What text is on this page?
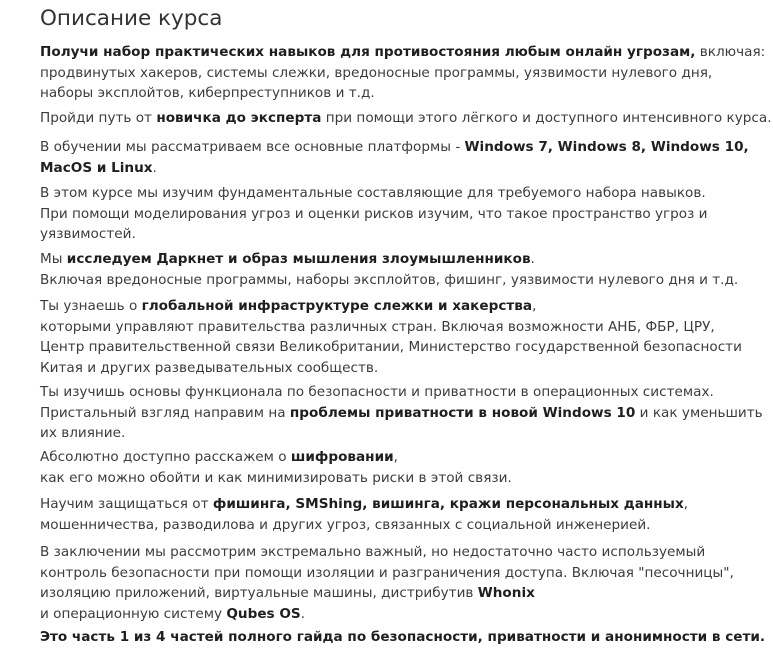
Описание курса
Получи набор практических навыков для противостояния любым онлайн угрозам, включая:
продвинутых хакеров, системы слежки, вредоносные программы, уязвимости нулевого дня,
наборы эксплойтов, киберпреступников и т.д.
Пройди путь от новичка до эксперта при помощи этого лёгкого и доступного интенсивного курса.
В обучении мы рассматриваем все основные платформы - Windows 7, Windows 8, Windows 10,
MacOS и Linux.
В этом курсе мы изучим фундаментальные составляющие для требуемого набора навыков.
При помощи моделирования угроз и оценки рисков изучим, что такое пространство угроз и
уязвимостей.
Мы исследуем Даркнет и образ мышления злоумышленников.
Включая вредоносные программы, наборы эксплойтов, фишинг, уязвимости нулевого дня и т.д.
Ты узнаешь о глобальной инфраструктуре слежки и хакерства,
которыми управляют правительства различных стран. Включая возможности АНБ, ФБР, ЦРУ,
Центр правительственной связи Великобритании, Министерство государственной безопасности
Китая и других разведывательных сообществ.
Ты изучишь основы функционала по безопасности и приватности в операционных системах.
Пристальный взгляд направим на проблемы приватности в новой Windows 10 и как уменьшить
их влияние.
Абсолютно доступно расскажем о шифровании,
как его можно обойти и как минимизировать риски в этой связи.
Научим защищаться от фишинга, SMShing, вишинга, кражи персональных данных,
мошенничества, разводилова и других угроз, связанных с социальной инженерией.
В заключении мы рассмотрим экстремально важный, но недостаточно часто используемый
контроль безопасности при помощи изоляции и разграничения доступа. Включая "песочницы",
изоляцию приложений, виртуальные машины, дистрибутив Whonix
и операционную систему Qubes OS.
Это часть 1 из 4 частей полного гайда по безопасности, приватности и анонимности в сети.
